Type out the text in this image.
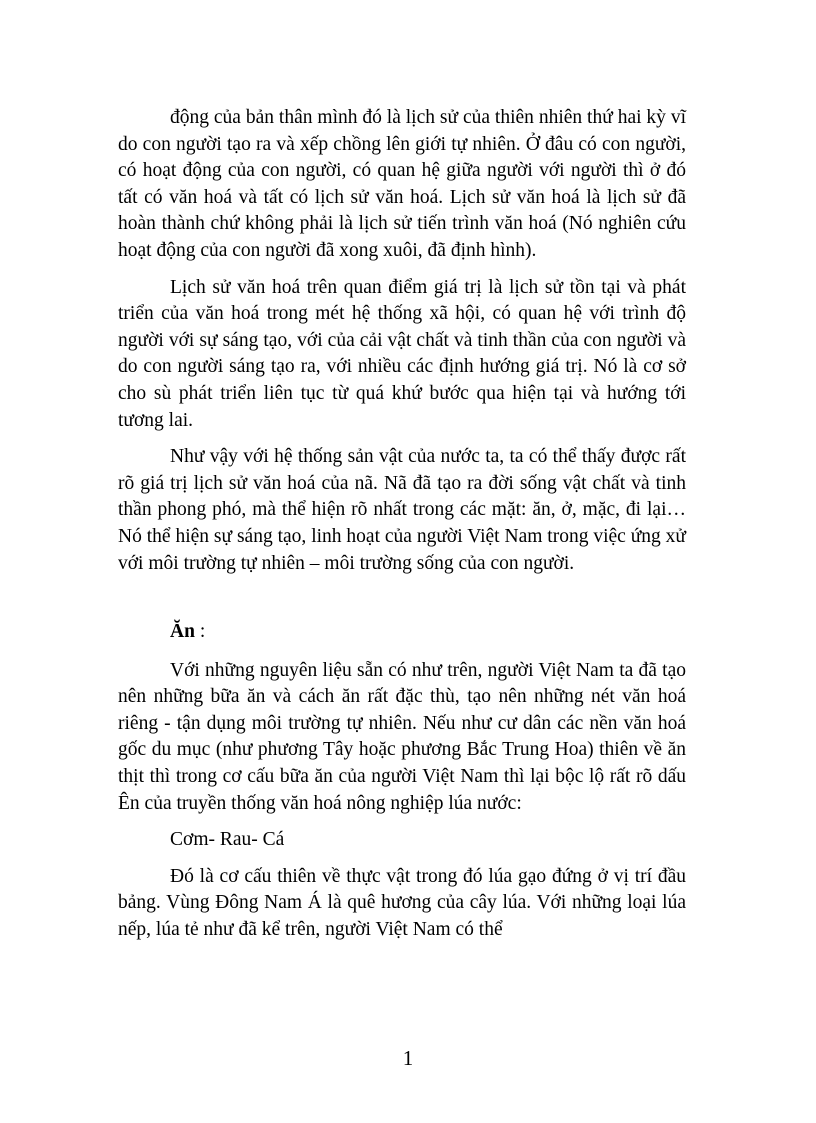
động của bản thân mình đó là lịch sử của thiên nhiên thứ hai kỳ vĩ do con người tạo ra và xếp chồng lên giới tự nhiên. Ở đâu có con người, có hoạt động của con người, có quan hệ giữa người với người thì ở đó tất có văn hoá và tất có lịch sử văn hoá. Lịch sử văn hoá là lịch sử đã hoàn thành chứ không phải là lịch sử tiến trình văn hoá (Nó nghiên cứu hoạt động của con người đã xong xuôi, đã định hình).

Lịch sử văn hoá trên quan điểm giá trị là lịch sử tồn tại và phát triển của văn hoá trong mét hệ thống xã hội, có quan hệ với trình độ người với sự sáng tạo, với của cải vật chất và tinh thần của con người và do con người sáng tạo ra, với nhiều các định hướng giá trị. Nó là cơ sở cho sù phát triển liên tục từ quá khứ bước qua hiện tại và hướng tới tương lai.

Như vậy với hệ thống sản vật của nước ta, ta có thể thấy được rất rõ giá trị lịch sử văn hoá của nã. Nã đã tạo ra đời sống vật chất và tinh thần phong phó, mà thể hiện rõ nhất trong các mặt: ăn, ở, mặc, đi lại… Nó thể hiện sự sáng tạo, linh hoạt của người Việt Nam trong việc ứng xử với môi trường tự nhiên – môi trường sống của con người.

Ăn :

Với những nguyên liệu sẵn có như trên, người Việt Nam ta đã tạo nên những bữa ăn và cách ăn rất đặc thù, tạo nên những nét văn hoá riêng - tận dụng môi trường tự nhiên. Nếu như cư dân các nền văn hoá gốc du mục (như phương Tây hoặc phương Bắc Trung Hoa) thiên về ăn thịt thì trong cơ cấu bữa ăn của người Việt Nam thì lại bộc lộ rất rõ dấu Ên của truyền thống văn hoá nông nghiệp lúa nước:

Cơm- Rau- Cá

Đó là cơ cấu thiên về thực vật trong đó lúa gạo đứng ở vị trí đầu bảng. Vùng Đông Nam Á là quê hương của cây lúa. Với những loại lúa nếp, lúa tẻ như đã kể trên, người Việt Nam có thể

1
